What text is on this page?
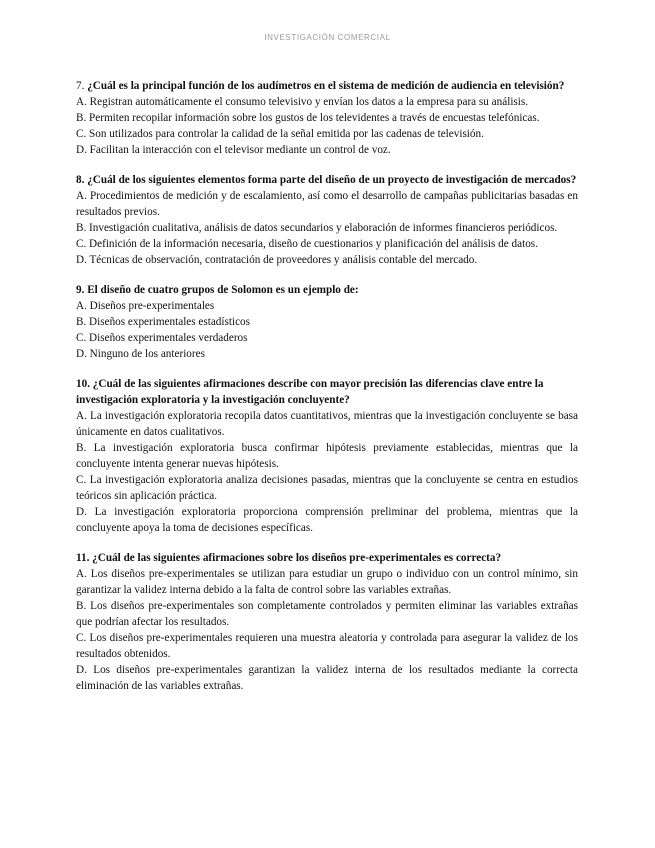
INVESTIGACIÓN COMERCIAL

7. ¿Cuál es la principal función de los audímetros en el sistema de medición de audiencia en televisión?

A. Registran automáticamente el consumo televisivo y envían los datos a la empresa para su análisis.

B. Permiten recopilar información sobre los gustos de los televidentes a través de encuestas telefónicas.

C. Son utilizados para controlar la calidad de la señal emitida por las cadenas de televisión.

D. Facilitan la interacción con el televisor mediante un control de voz.

8. ¿Cuál de los siguientes elementos forma parte del diseño de un proyecto de investigación de mercados?

A. Procedimientos de medición y de escalamiento, así como el desarrollo de campañas publicitarias basadas en resultados previos.

B. Investigación cualitativa, análisis de datos secundarios y elaboración de informes financieros periódicos.

C. Definición de la información necesaria, diseño de cuestionarios y planificación del análisis de datos.

D. Técnicas de observación, contratación de proveedores y análisis contable del mercado.

9. El diseño de cuatro grupos de Solomon es un ejemplo de:

A. Diseños pre-experimentales

B. Diseños experimentales estadísticos

C. Diseños experimentales verdaderos

D. Ninguno de los anteriores

10. ¿Cuál de las siguientes afirmaciones describe con mayor precisión las diferencias clave entre la investigación exploratoria y la investigación concluyente?

A. La investigación exploratoria recopila datos cuantitativos, mientras que la investigación concluyente se basa únicamente en datos cualitativos.

B. La investigación exploratoria busca confirmar hipótesis previamente establecidas, mientras que la concluyente intenta generar nuevas hipótesis.

C. La investigación exploratoria analiza decisiones pasadas, mientras que la concluyente se centra en estudios teóricos sin aplicación práctica.

D. La investigación exploratoria proporciona comprensión preliminar del problema, mientras que la concluyente apoya la toma de decisiones específicas.

11. ¿Cuál de las siguientes afirmaciones sobre los diseños pre-experimentales es correcta?

A. Los diseños pre-experimentales se utilizan para estudiar un grupo o individuo con un control mínimo, sin garantizar la validez interna debido a la falta de control sobre las variables extrañas.

B. Los diseños pre-experimentales son completamente controlados y permiten eliminar las variables extrañas que podrían afectar los resultados.

C. Los diseños pre-experimentales requieren una muestra aleatoria y controlada para asegurar la validez de los resultados obtenidos.

D. Los diseños pre-experimentales garantizan la validez interna de los resultados mediante la correcta eliminación de las variables extrañas.
